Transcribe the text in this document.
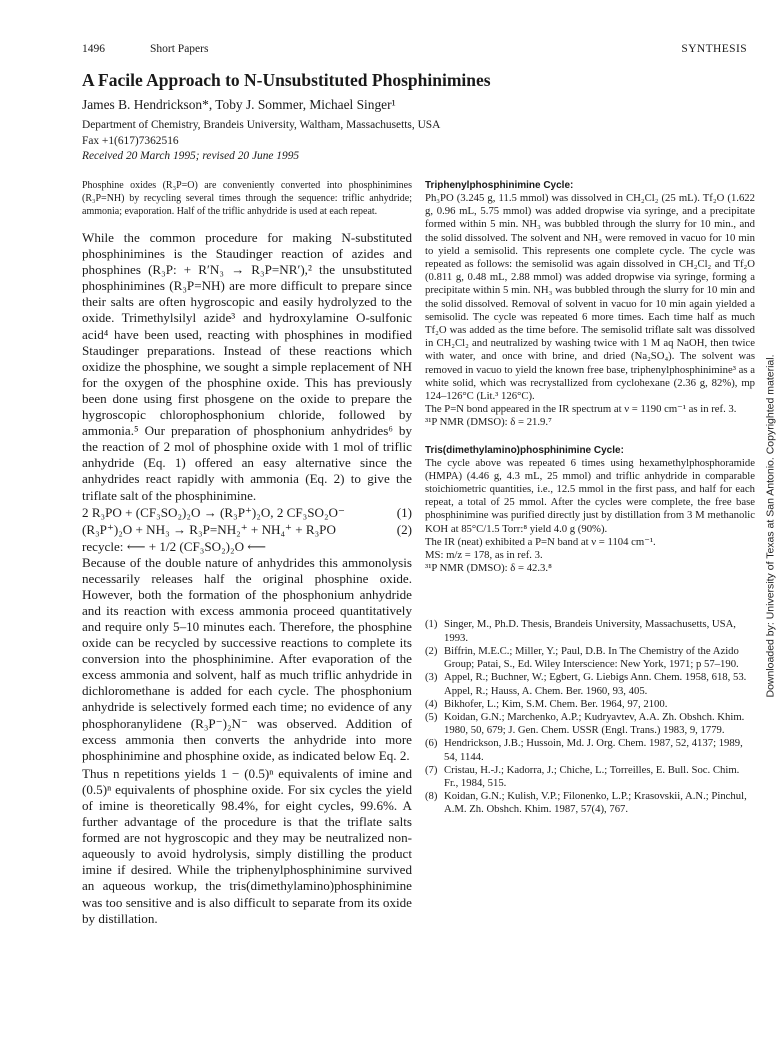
1496	Short Papers	SYNTHESIS
A Facile Approach to N-Unsubstituted Phosphinimines
James B. Hendrickson*, Toby J. Sommer, Michael Singer¹
Department of Chemistry, Brandeis University, Waltham, Massachusetts, USA
Fax +1(617)7362516
Received 20 March 1995; revised 20 June 1995

Phosphine oxides (R₃P=O) are conveniently converted into phosphinimines (R₃P=NH) by recycling several times through the sequence: triflic anhydride; ammonia; evaporation. Half of the triflic anhydride is used at each repeat.

While the common procedure for making N-substituted phosphinimines is the Staudinger reaction of azides and phosphines (R₃P: + R′N₃ → R₃P=NR′),² the unsubstituted phosphinimines (R₃P=NH) are more difficult to prepare since their salts are often hygroscopic and easily hydrolyzed to the oxide. Trimethylsilyl azide³ and hydroxylamine O-sulfonic acid⁴ have been used, reacting with phosphines in modified Staudinger preparations. Instead of these reactions which oxidize the phosphine, we sought a simple replacement of NH for the oxygen of the phosphine oxide. This has previously been done using first phosgene on the oxide to prepare the hygroscopic chlorophosphonium chloride, followed by ammonia.⁵ Our preparation of phosphonium anhydrides⁶ by the reaction of 2 mol of phosphine oxide with 1 mol of triflic anhydride (Eq. 1) offered an easy alternative since the anhydrides react rapidly with ammonia (Eq. 2) to give the triflate salt of the phosphinimine.

2 R₃PO + (CF₃SO₂)₂O → (R₃P⁺)₂O, 2 CF₃SO₂O⁻	(1)
(R₃P⁺)₂O + NH₃ → R₃P=NH₂⁺ + NH₄⁺ + R₃PO	(2)
recycle: ⟵ + 1/2 (CF₃SO₂)₂O ⟵

Because of the double nature of anhydrides this ammonolysis necessarily releases half the original phosphine oxide. However, both the formation of the phosphonium anhydride and its reaction with excess ammonia proceed quantitatively and require only 5–10 minutes each. Therefore, the phosphine oxide can be recycled by successive reactions to complete its conversion into the phosphinimine. After evaporation of the excess ammonia and solvent, half as much triflic anhydride in dichloromethane is added for each cycle. The phosphonium anhydride is selectively formed each time; no evidence of any phosphoranylidene (R₃P⁻)₂N⁻ was observed. Addition of excess ammonia then converts the anhydride into more phosphinimine and phosphine oxide, as indicated below Eq. 2.

Thus n repetitions yields 1 − (0.5)ⁿ equivalents of imine and (0.5)ⁿ equivalents of phosphine oxide. For six cycles the yield of imine is theoretically 98.4%, for eight cycles, 99.6%. A further advantage of the procedure is that the triflate salts formed are not hygroscopic and they may be neutralized non-aqueously to avoid hydrolysis, simply distilling the product imine if desired. While the triphenylphosphinimine survived an aqueous workup, the tris(dimethylamino)phosphinimine was too sensitive and is also difficult to separate from its oxide by distillation.

Triphenylphosphinimine Cycle:

Ph₃PO (3.245 g, 11.5 mmol) was dissolved in CH₂Cl₂ (25 mL). Tf₂O (1.622 g, 0.96 mL, 5.75 mmol) was added dropwise via syringe, and a precipitate formed within 5 min. NH₃ was bubbled through the slurry for 10 min., and the solid dissolved. The solvent and NH₃ were removed in vacuo for 10 min to yield a semisolid. This represents one complete cycle. The cycle was repeated as follows: the semisolid was again dissolved in CH₂Cl₂ and Tf₂O (0.811 g, 0.48 mL, 2.88 mmol) was added dropwise via syringe, forming a precipitate within 5 min. NH₃ was bubbled through the slurry for 10 min and the solid dissolved. Removal of solvent in vacuo for 10 min again yielded a semisolid. The cycle was repeated 6 more times. Each time half as much Tf₂O was added as the time before. The semisolid triflate salt was dissolved in CH₂Cl₂ and neutralized by washing twice with 1 M aq NaOH, then twice with water, and once with brine, and dried (Na₂SO₄). The solvent was removed in vacuo to yield the known free base, triphenylphosphinimine³ as a white solid, which was recrystallized from cyclohexane (2.36 g, 82%), mp 124–126°C (Lit.³ 126°C).

The P=N bond appeared in the IR spectrum at ν = 1190 cm⁻¹ as in ref. 3.

³¹P NMR (DMSO): δ = 21.9.⁷

Tris(dimethylamino)phosphinimine Cycle:

The cycle above was repeated 6 times using hexamethylphosphoramide (HMPA) (4.46 g, 4.3 mL, 25 mmol) and triflic anhydride in comparable stoichiometric quantities, i.e., 12.5 mmol in the first pass, and half for each repeat, a total of 25 mmol. After the cycles were complete, the free base phosphinimine was purified directly just by distillation from 3 M methanolic KOH at 85°C/1.5 Torr:⁸ yield 4.0 g (90%).

The IR (neat) exhibited a P=N band at ν = 1104 cm⁻¹.

MS: m/z = 178, as in ref. 3.

³¹P NMR (DMSO): δ = 42.3.⁸

(1) Singer, M., Ph.D. Thesis, Brandeis University, Massachusetts, USA, 1993.
(2) Biffrin, M.E.C.; Miller, Y.; Paul, D.B. In The Chemistry of the Azido Group; Patai, S., Ed. Wiley Interscience: New York, 1971; p 57–190.
(3) Appel, R.; Buchner, W.; Egbert, G. Liebigs Ann. Chem. 1958, 618, 53.
Appel, R.; Hauss, A. Chem. Ber. 1960, 93, 405.
(4) Bikhofer, L.; Kim, S.M. Chem. Ber. 1964, 97, 2100.
(5) Koidan, G.N.; Marchenko, A.P.; Kudryavtev, A.A. Zh. Obshch. Khim. 1980, 50, 679; J. Gen. Chem. USSR (Engl. Trans.) 1983, 9, 1779.
(6) Hendrickson, J.B.; Hussoin, Md. J. Org. Chem. 1987, 52, 4137; 1989, 54, 1144.
(7) Cristau, H.-J.; Kadorra, J.; Chiche, L.; Torreilles, E. Bull. Soc. Chim. Fr., 1984, 515.
(8) Koidan, G.N.; Kulish, V.P.; Filonenko, L.P.; Krasovskii, A.N.; Pinchul, A.M. Zh. Obshch. Khim. 1987, 57(4), 767.
Downloaded by: University of Texas at San Antonio. Copyrighted material.
